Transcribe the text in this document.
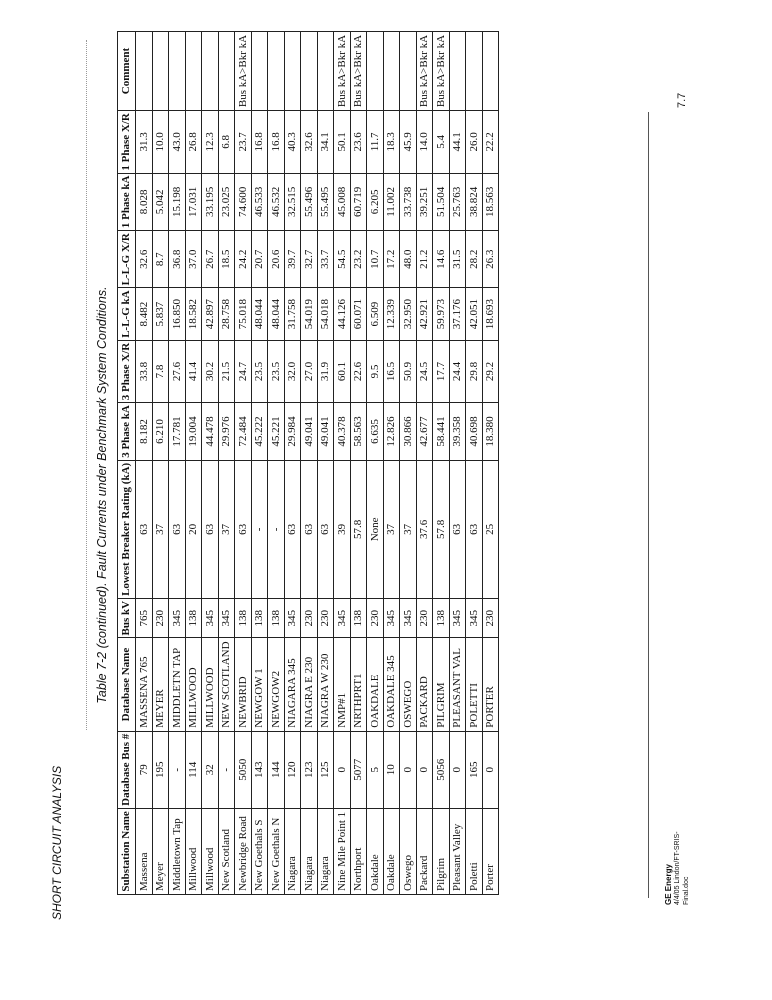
SHORT CIRCUIT ANALYSIS
Table 7-2 (continued). Fault Currents under Benchmark System Conditions.
Substation Name	Database Bus #	Database Name	Bus kV	Lowest Breaker Rating (kA)	3 Phase kA	3 Phase X/R	L-L-G kA	L-L-G X/R	1 Phase kA	1 Phase X/R	Comment
Massena	79	MASSENA 765	765	63	8.182	33.8	8.482	32.6	8.028	31.3	
Meyer	195	MEYER	230	37	6.210	7.8	5.837	8.7	5.042	10.0	
Middletown Tap	-	MIDDLETN TAP	345	63	17.781	27.6	16.850	36.8	15.198	43.0	
Millwood	114	MILLWOOD	138	20	19.004	41.4	18.582	37.0	17.031	26.8	
Millwood	32	MILLWOOD	345	63	44.478	30.2	42.897	26.7	33.195	12.3	
New Scotland	-	NEW SCOTLAND	345	37	29.976	21.5	28.758	18.5	23.025	6.8	
Newbridge Road	5050	NEWBRID	138	63	72.484	24.7	75.018	24.2	74.600	23.7	Bus kA>Bkr kA
New Goethals S	143	NEWGOW 1	138	-	45.222	23.5	48.044	20.7	46.533	16.8	
New Goethals N	144	NEWGOW2	138	-	45.221	23.5	48.044	20.6	46.532	16.8	
Niagara	120	NIAGARA 345	345	63	29.984	32.0	31.758	39.7	32.515	40.3	
Niagara	123	NIAGRA E 230	230	63	49.041	27.0	54.019	32.7	55.496	32.6	
Niagara	125	NIAGRA W 230	230	63	49.041	31.9	54.018	33.7	55.495	34.1	
Nine Mile Point 1	0	NMP#1	345	39	40.378	60.1	44.126	54.5	45.008	50.1	Bus kA>Bkr kA
Northport	5077	NRTHPRT1	138	57.8	58.563	22.6	60.071	23.2	60.719	23.6	Bus kA>Bkr kA
Oakdale	5	OAKDALE	230	None	6.635	9.5	6.509	10.7	6.205	11.7	
Oakdale	10	OAKDALE 345	345	37	12.826	16.5	12.339	17.2	11.002	18.3	
Oswego	0	OSWEGO	345	37	30.866	50.9	32.950	48.0	33.738	45.9	
Packard	0	PACKARD	230	37.6	42.677	24.5	42.921	21.2	39.251	14.0	Bus kA>Bkr kA
Pilgrim	5056	PILGRIM	138	57.8	58.441	17.7	59.973	14.6	51.504	5.4	Bus kA>Bkr kA
Pleasant Valley	0	PLEASANT VAL	345	63	39.358	24.4	37.176	31.5	25.763	44.1	
Poletti	165	POLETTI	345	63	40.698	29.8	42.051	28.2	38.824	26.0	
Porter	0	PORTER	230	25	18.380	29.2	18.693	26.3	18.563	22.2	
7.7
GE Energy 4/4/05 Lindon/FT-SRIS-Final.doc
